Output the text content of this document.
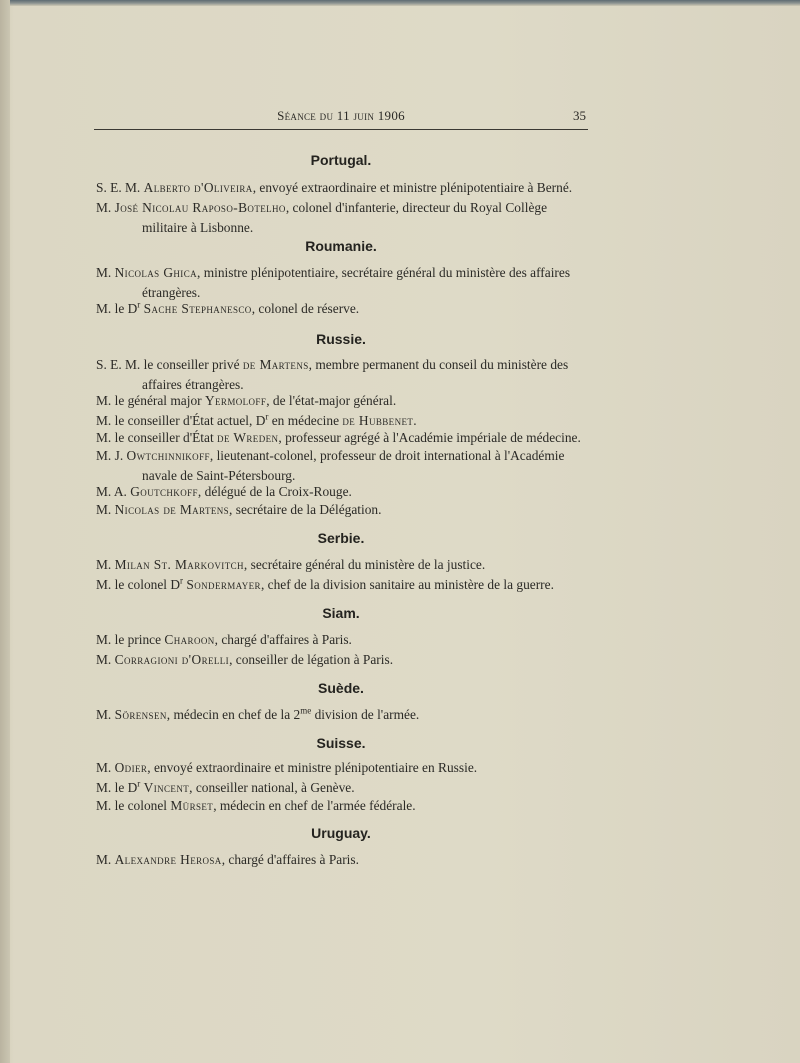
Séance du 11 juin 1906	35
Portugal.
S. E. M. Alberto d'Oliveira, envoyé extraordinaire et ministre plénipotentiaire à Berné.
M. José Nicolau Raposo-Botelho, colonel d'infanterie, directeur du Royal Collège
militaire à Lisbonne.
Roumanie.
M. Nicolas Ghica, ministre plénipotentiaire, secrétaire général du ministère des affaires
étrangères.
M. le $D^r$ Sache Stephanesco, colonel de réserve.
Russie.
S. E. M. le conseiller privé de Martens, membre permanent du conseil du ministère des
affaires étrangères.
M. le général major Yermoloff, de l'état-major général.
M. le conseiller d'État actuel, $D^r$ en médecine de Hubbenet.
M. le conseiller d'État de Wreden, professeur agrégé à l'Académie impériale de médecine.
M. J. Owtchinnikoff, lieutenant-colonel, professeur de droit international à l'Académie
navale de Saint-Pétersbourg.
M. A. Goutchkoff, délégué de la Croix-Rouge.
M. Nicolas de Martens, secrétaire de la Délégation.
Serbie.
M. Milan St. Markovitch, secrétaire général du ministère de la justice.
M. le colonel $D^r$ Sondermayer, chef de la division sanitaire au ministère de la guerre.
Siam.
M. le prince Charoon, chargé d'affaires à Paris.
M. Corragioni d'Orelli, conseiller de légation à Paris.
Suède.
M. Sörensen, médecin en chef de la $2^{me}$ division de l'armée.
Suisse.
M. Odier, envoyé extraordinaire et ministre plénipotentiaire en Russie.
M. le $D^r$ Vincent, conseiller national, à Genève.
M. le colonel Mürset, médecin en chef de l'armée fédérale.
Uruguay.
M. Alexandre Herosa, chargé d'affaires à Paris.
